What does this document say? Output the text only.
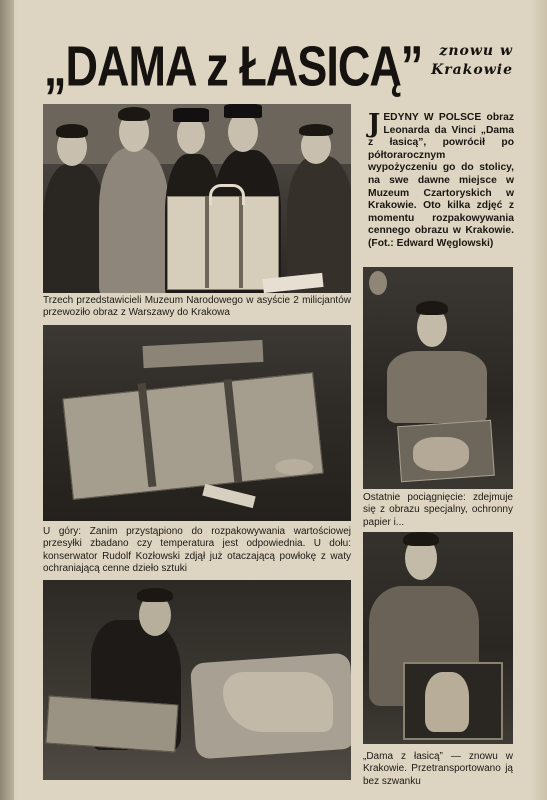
„DAMA z ŁASICĄ”	znowu w Krakowie
Trzech przedstawicieli Muzeum Narodowego w asyście 2 milicjantów przewoziło obraz z Warszawy do Krakowa
JEDYNY W POLSCE obraz Leonarda da Vinci „Dama z łasicą”, powrócił po półtorarocznym wypożyczeniu go do stolicy, na swe dawne miejsce w Muzeum Czartoryskich w Krakowie. Oto kilka zdjęć z momentu rozpakowywania cennego obrazu w Krakowie. (Fot.: Edward Węglowski)
U góry: Zanim przystąpiono do rozpakowywania wartościowej przesyłki zbadano czy temperatura jest odpowiednia. U dołu: konserwator Rudolf Kozłowski zdjął już otaczającą powłokę z waty ochraniającą cenne dzieło sztuki
Ostatnie pociągnięcie: zdejmuje się z obrazu specjalny, ochronny papier i...
„Dama z łasicą” — znowu w Krakowie. Przetransportowano ją bez szwanku
